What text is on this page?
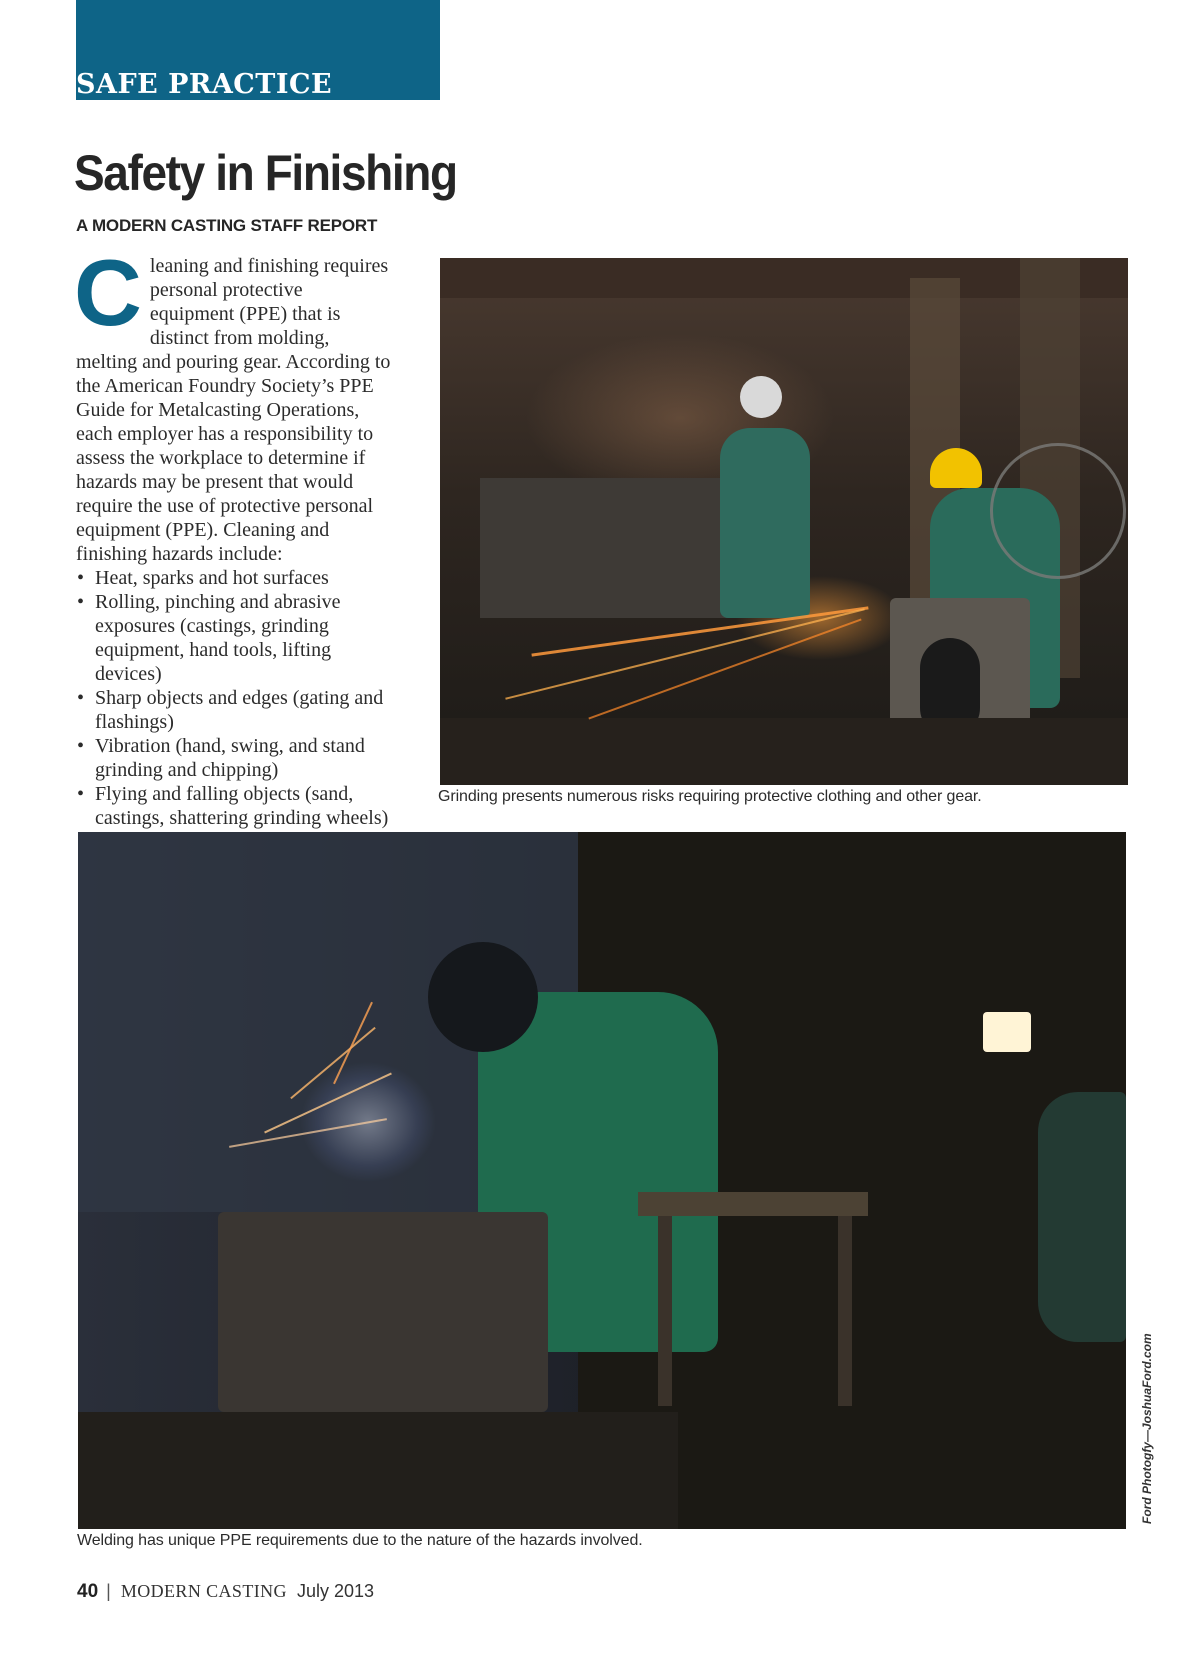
SAFE PRACTICE
Safety in Finishing
A MODERN CASTING STAFF REPORT
C leaning and finishing requires personal protective equipment (PPE) that is distinct from molding, melting and pouring gear. According to the American Foundry Society’s PPE Guide for Metalcasting Operations, each employer has a responsibility to assess the workplace to determine if hazards may be present that would require the use of protective personal equipment (PPE). Cleaning and finishing hazards include:

• Heat, sparks and hot surfaces
• Rolling, pinching and abrasive exposures (castings, grinding equipment, hand tools, lifting devices)
• Sharp objects and edges (gating and flashings)
• Vibration (hand, swing, and stand grinding and chipping)
• Flying and falling objects (sand, castings, shattering grinding wheels)
Grinding presents numerous risks requiring protective clothing and other gear.
Welding has unique PPE requirements due to the nature of the hazards involved.
Ford Photogfy—JoshuaFord.com
40 | MODERN CASTING July 2013
